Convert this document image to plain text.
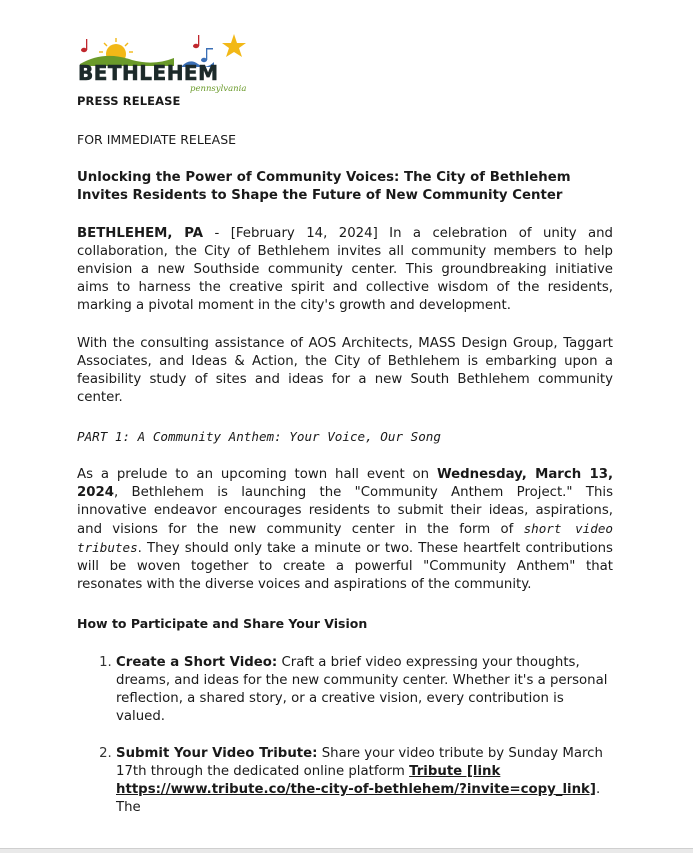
BETHLEHEM
pennsylvania

PRESS RELEASE

FOR IMMEDIATE RELEASE

Unlocking the Power of Community Voices: The City of Bethlehem Invites Residents to Shape the Future of New Community Center

BETHLEHEM, PA - [February 14, 2024] In a celebration of unity and collaboration, the City of Bethlehem invites all community members to help envision a new Southside community center. This groundbreaking initiative aims to harness the creative spirit and collective wisdom of the residents, marking a pivotal moment in the city's growth and development.

With the consulting assistance of AOS Architects, MASS Design Group, Taggart Associates, and Ideas & Action, the City of Bethlehem is embarking upon a feasibility study of sites and ideas for a new South Bethlehem community center.

PART 1: A Community Anthem: Your Voice, Our Song

As a prelude to an upcoming town hall event on Wednesday, March 13, 2024, Bethlehem is launching the "Community Anthem Project." This innovative endeavor encourages residents to submit their ideas, aspirations, and visions for the new community center in the form of short video tributes. They should only take a minute or two. These heartfelt contributions will be woven together to create a powerful "Community Anthem" that resonates with the diverse voices and aspirations of the community.

How to Participate and Share Your Vision

1. Create a Short Video: Craft a brief video expressing your thoughts, dreams, and ideas for the new community center. Whether it's a personal reflection, a shared story, or a creative vision, every contribution is valued.
2. Submit Your Video Tribute: Share your video tribute by Sunday March 17th through the dedicated online platform Tribute [link https://www.tribute.co/the-city-of-bethlehem/?invite=copy_link]. The
